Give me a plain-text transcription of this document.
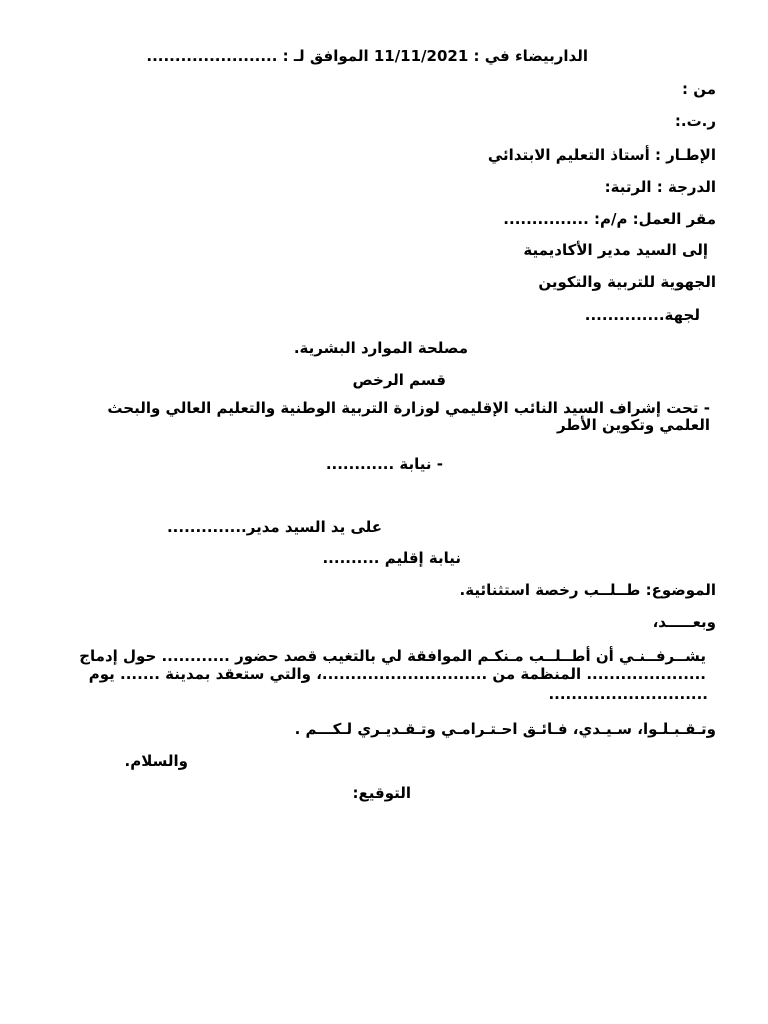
الداربيضاء في : 11/11/2021 الموافق لـ : .......................
من :
ر.ت.:
الإطـار : أستاذ التعليم الابتدائي
الدرجة : الرتبة:
مقر العمل: م/م: ...............
إلى السيد مدير الأكاديمية
الجهوية للتربية والتكوين
لجهة..............
مصلحة الموارد البشرية.
قسم الرخص
- تحت إشراف السيد النائب الإقليمي لوزارة التربية الوطنية والتعليم العالي والبحث العلمي وتكوين الأطر
- نيابة ............
على يد السيد مدير..............
نيابة إقليم ..........
الموضوع: طــلــب رخصة استثنائية.
وبعـــــد،
يشــرفــنـي أن أطــلــب مـنكـم الموافقة لي بالتغيب قصد حضور ............ حول إدماج
..................... المنظمة من .............................، والتي ستعقد بمدينة ....... يوم
............................
وتـقـبـلـوا، سـيـدي، فـائـق احـتـرامـي وتـقـديـري لـكـــم .
والسلام.
التوقيع:
